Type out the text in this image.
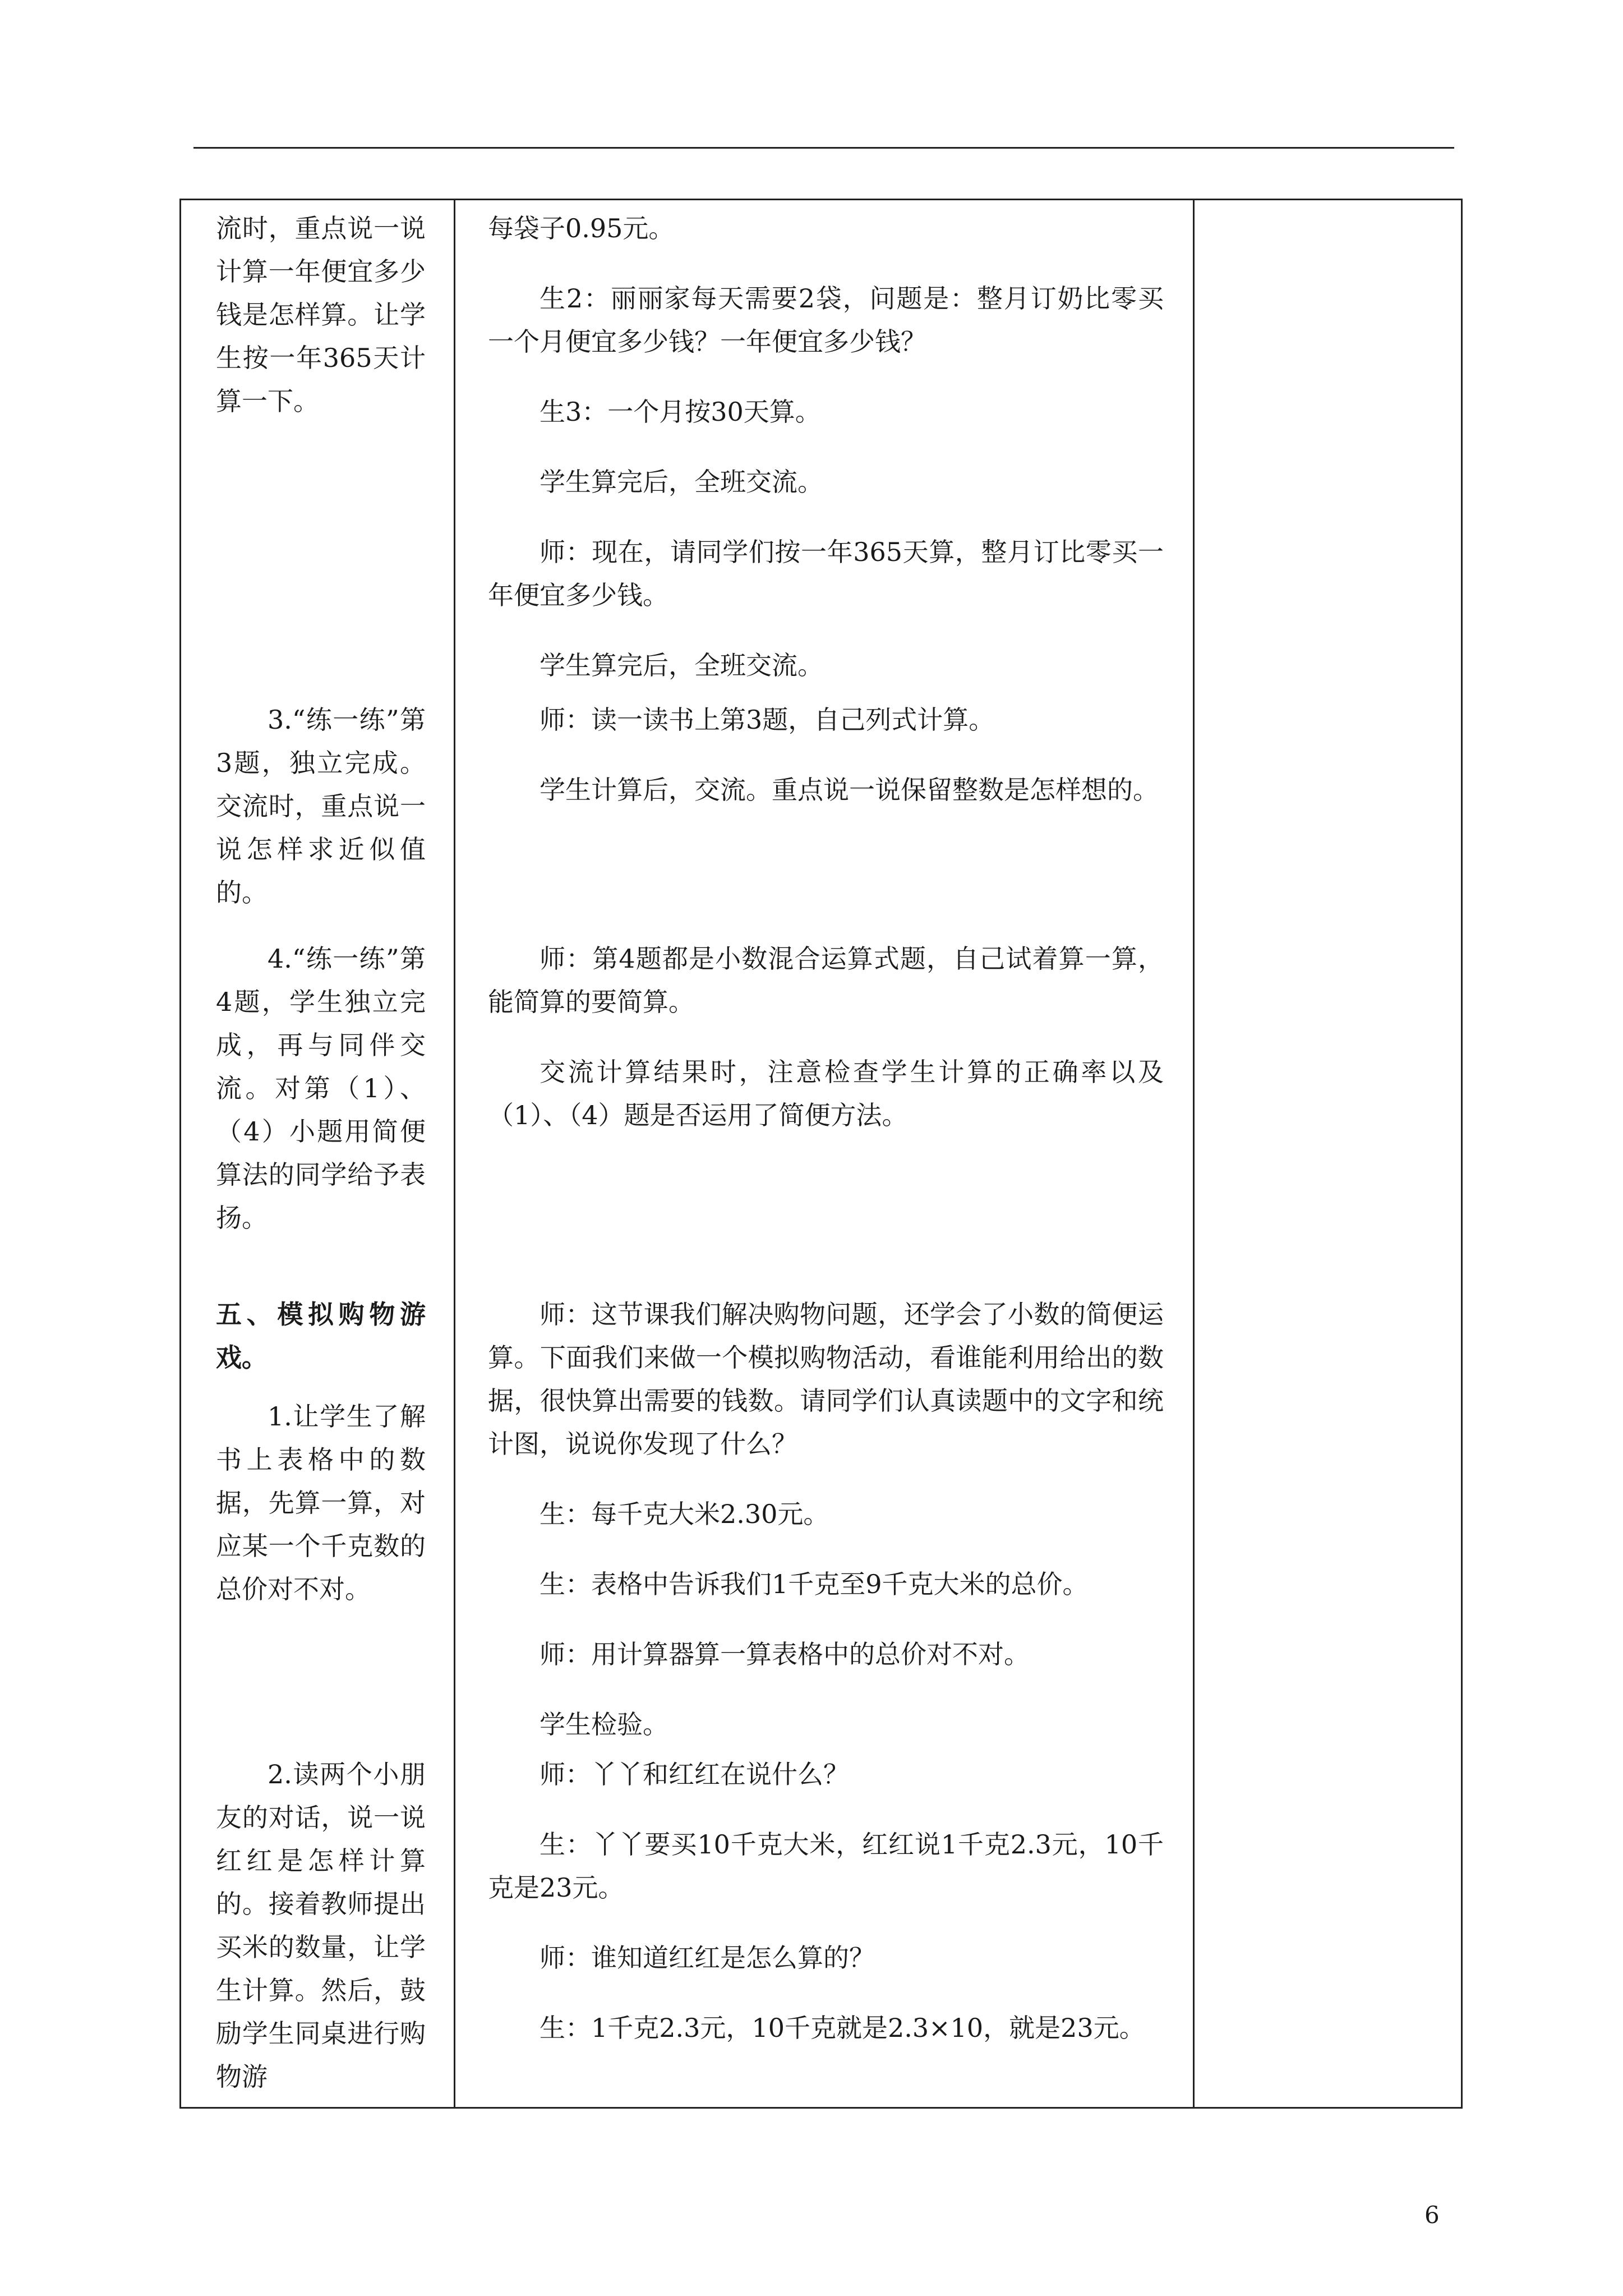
流时，重点说一说计算一年便宜多少钱是怎样算。让学生按一年365天计算一下。

3.“练一练”第3题，独立完成。交流时，重点说一说怎样求近似值的。

4.“练一练”第4题，学生独立完成，再与同伴交流。对第（1）、（4）小题用简便算法的同学给予表扬。

五、模拟购物游戏。

1.让学生了解书上表格中的数据，先算一算，对应某一个千克数的总价对不对。

2.读两个小朋友的对话，说一说红红是怎样计算的。接着教师提出买米的数量，让学生计算。然后，鼓励学生同桌进行购物游

每袋子0.95元。

生2：丽丽家每天需要2袋，问题是：整月订奶比零买一个月便宜多少钱？一年便宜多少钱？

生3：一个月按30天算。

学生算完后，全班交流。

师：现在，请同学们按一年365天算，整月订比零买一年便宜多少钱。

学生算完后，全班交流。

师：读一读书上第3题，自己列式计算。

学生计算后，交流。重点说一说保留整数是怎样想的。

师：第4题都是小数混合运算式题，自己试着算一算，能简算的要简算。

交流计算结果时，注意检查学生计算的正确率以及（1）、（4）题是否运用了简便方法。

师：这节课我们解决购物问题，还学会了小数的简便运算。下面我们来做一个模拟购物活动，看谁能利用给出的数据，很快算出需要的钱数。请同学们认真读题中的文字和统计图，说说你发现了什么？

生：每千克大米2.30元。

生：表格中告诉我们1千克至9千克大米的总价。

师：用计算器算一算表格中的总价对不对。

学生检验。

师：丫丫和红红在说什么？

生：丫丫要买10千克大米，红红说1千克2.3元，10千克是23元。

师：谁知道红红是怎么算的？

生：1千克2.3元，10千克就是2.3×10，就是23元。

6
